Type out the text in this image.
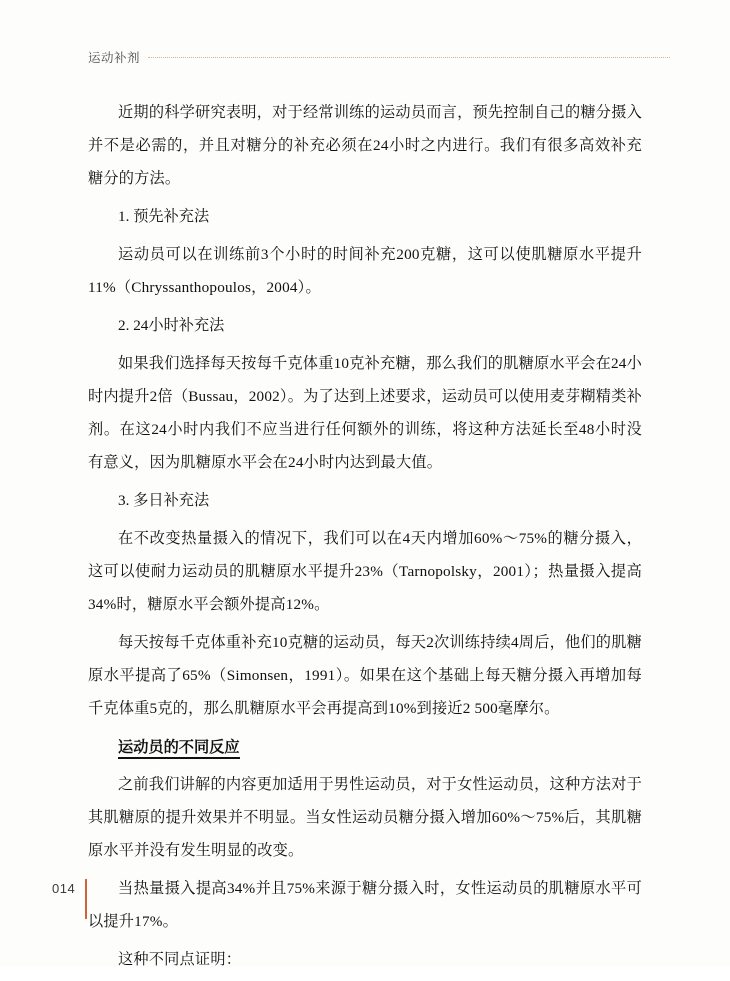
运动补剂

近期的科学研究表明，对于经常训练的运动员而言，预先控制自己的糖分摄入并不是必需的，并且对糖分的补充必须在24小时之内进行。我们有很多高效补充糖分的方法。

1. 预先补充法

运动员可以在训练前3个小时的时间补充200克糖，这可以使肌糖原水平提升11%（Chryssanthopoulos，2004）。

2. 24小时补充法

如果我们选择每天按每千克体重10克补充糖，那么我们的肌糖原水平会在24小时内提升2倍（Bussau，2002）。为了达到上述要求，运动员可以使用麦芽糊精类补剂。在这24小时内我们不应当进行任何额外的训练，将这种方法延长至48小时没有意义，因为肌糖原水平会在24小时内达到最大值。

3. 多日补充法

在不改变热量摄入的情况下，我们可以在4天内增加60%～75%的糖分摄入，这可以使耐力运动员的肌糖原水平提升23%（Tarnopolsky，2001）；热量摄入提高34%时，糖原水平会额外提高12%。

每天按每千克体重补充10克糖的运动员，每天2次训练持续4周后，他们的肌糖原水平提高了65%（Simonsen，1991）。如果在这个基础上每天糖分摄入再增加每千克体重5克的，那么肌糖原水平会再提高到10%到接近2 500毫摩尔。

运动员的不同反应

之前我们讲解的内容更加适用于男性运动员，对于女性运动员，这种方法对于其肌糖原的提升效果并不明显。当女性运动员糖分摄入增加60%～75%后，其肌糖原水平并没有发生明显的改变。

当热量摄入提高34%并且75%来源于糖分摄入时，女性运动员的肌糖原水平可以提升17%。

这种不同点证明：

014
